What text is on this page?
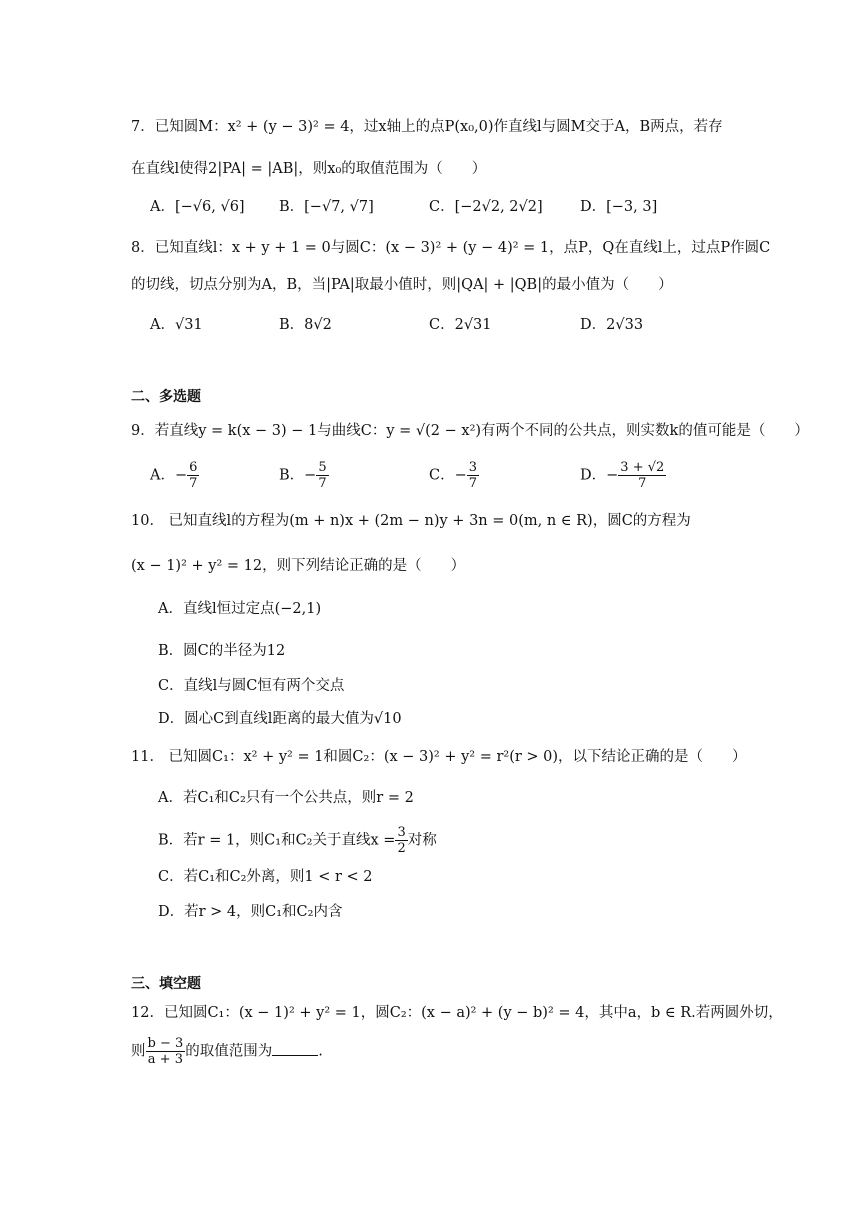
7．已知圆M：x² + (y − 3)² = 4，过x轴上的点P(x₀,0)作直线l与圆M交于A，B两点，若存
在直线l使得2|PA| = |AB|，则x₀的取值范围为（　　）
A．[−√6, √6] B．[−√7, √7]	C．[−2√2, 2√2]	D．[−3, 3]
8．已知直线l：x + y + 1 = 0与圆C：(x − 3)² + (y − 4)² = 1，点P，Q在直线l上，过点P作圆C
的切线，切点分别为A，B，当|PA|取最小值时，则|QA| + |QB|的最小值为（　　）
A．√31	B．8√2	C．2√31	D．2√33
二、多选题
9．若直线y = k(x − 3) − 1与曲线C：y = √(2 − x²)有两个不同的公共点，则实数k的值可能是（　　）
A．− $\frac{6}{7}$	B．− $\frac{5}{7}$	C．− $\frac{3}{7}$	D．− $\frac{3 + √2}{7}$
10． 已知直线l的方程为(m + n)x + (2m − n)y + 3n = 0(m, n ∈ R)，圆C的方程为
(x − 1)² + y² = 12，则下列结论正确的是（　　）
A．直线l恒过定点(−2,1)
B．圆C的半径为12
C．直线l与圆C恒有两个交点
D．圆心C到直线l距离的最大值为√10
11． 已知圆C₁：x² + y² = 1和圆C₂：(x − 3)² + y² = r²(r > 0)，以下结论正确的是（　　）
A．若C₁和C₂只有一个公共点，则r = 2
B．若r = 1，则C₁和C₂关于直线$x = \frac{3}{2}$ 对称
C．若C₁和C₂外离，则1 < r < 2
D．若r > 4，则C₁和C₂内含
三、填空题
12．已知圆C₁：(x − 1)² + y² = 1，圆C₂：(x − a)² + (y − b)² = 4，其中a，b ∈ R.若两圆外切，
则 $\frac{b - 3}{a + 3}$ 的取值范围为	.
